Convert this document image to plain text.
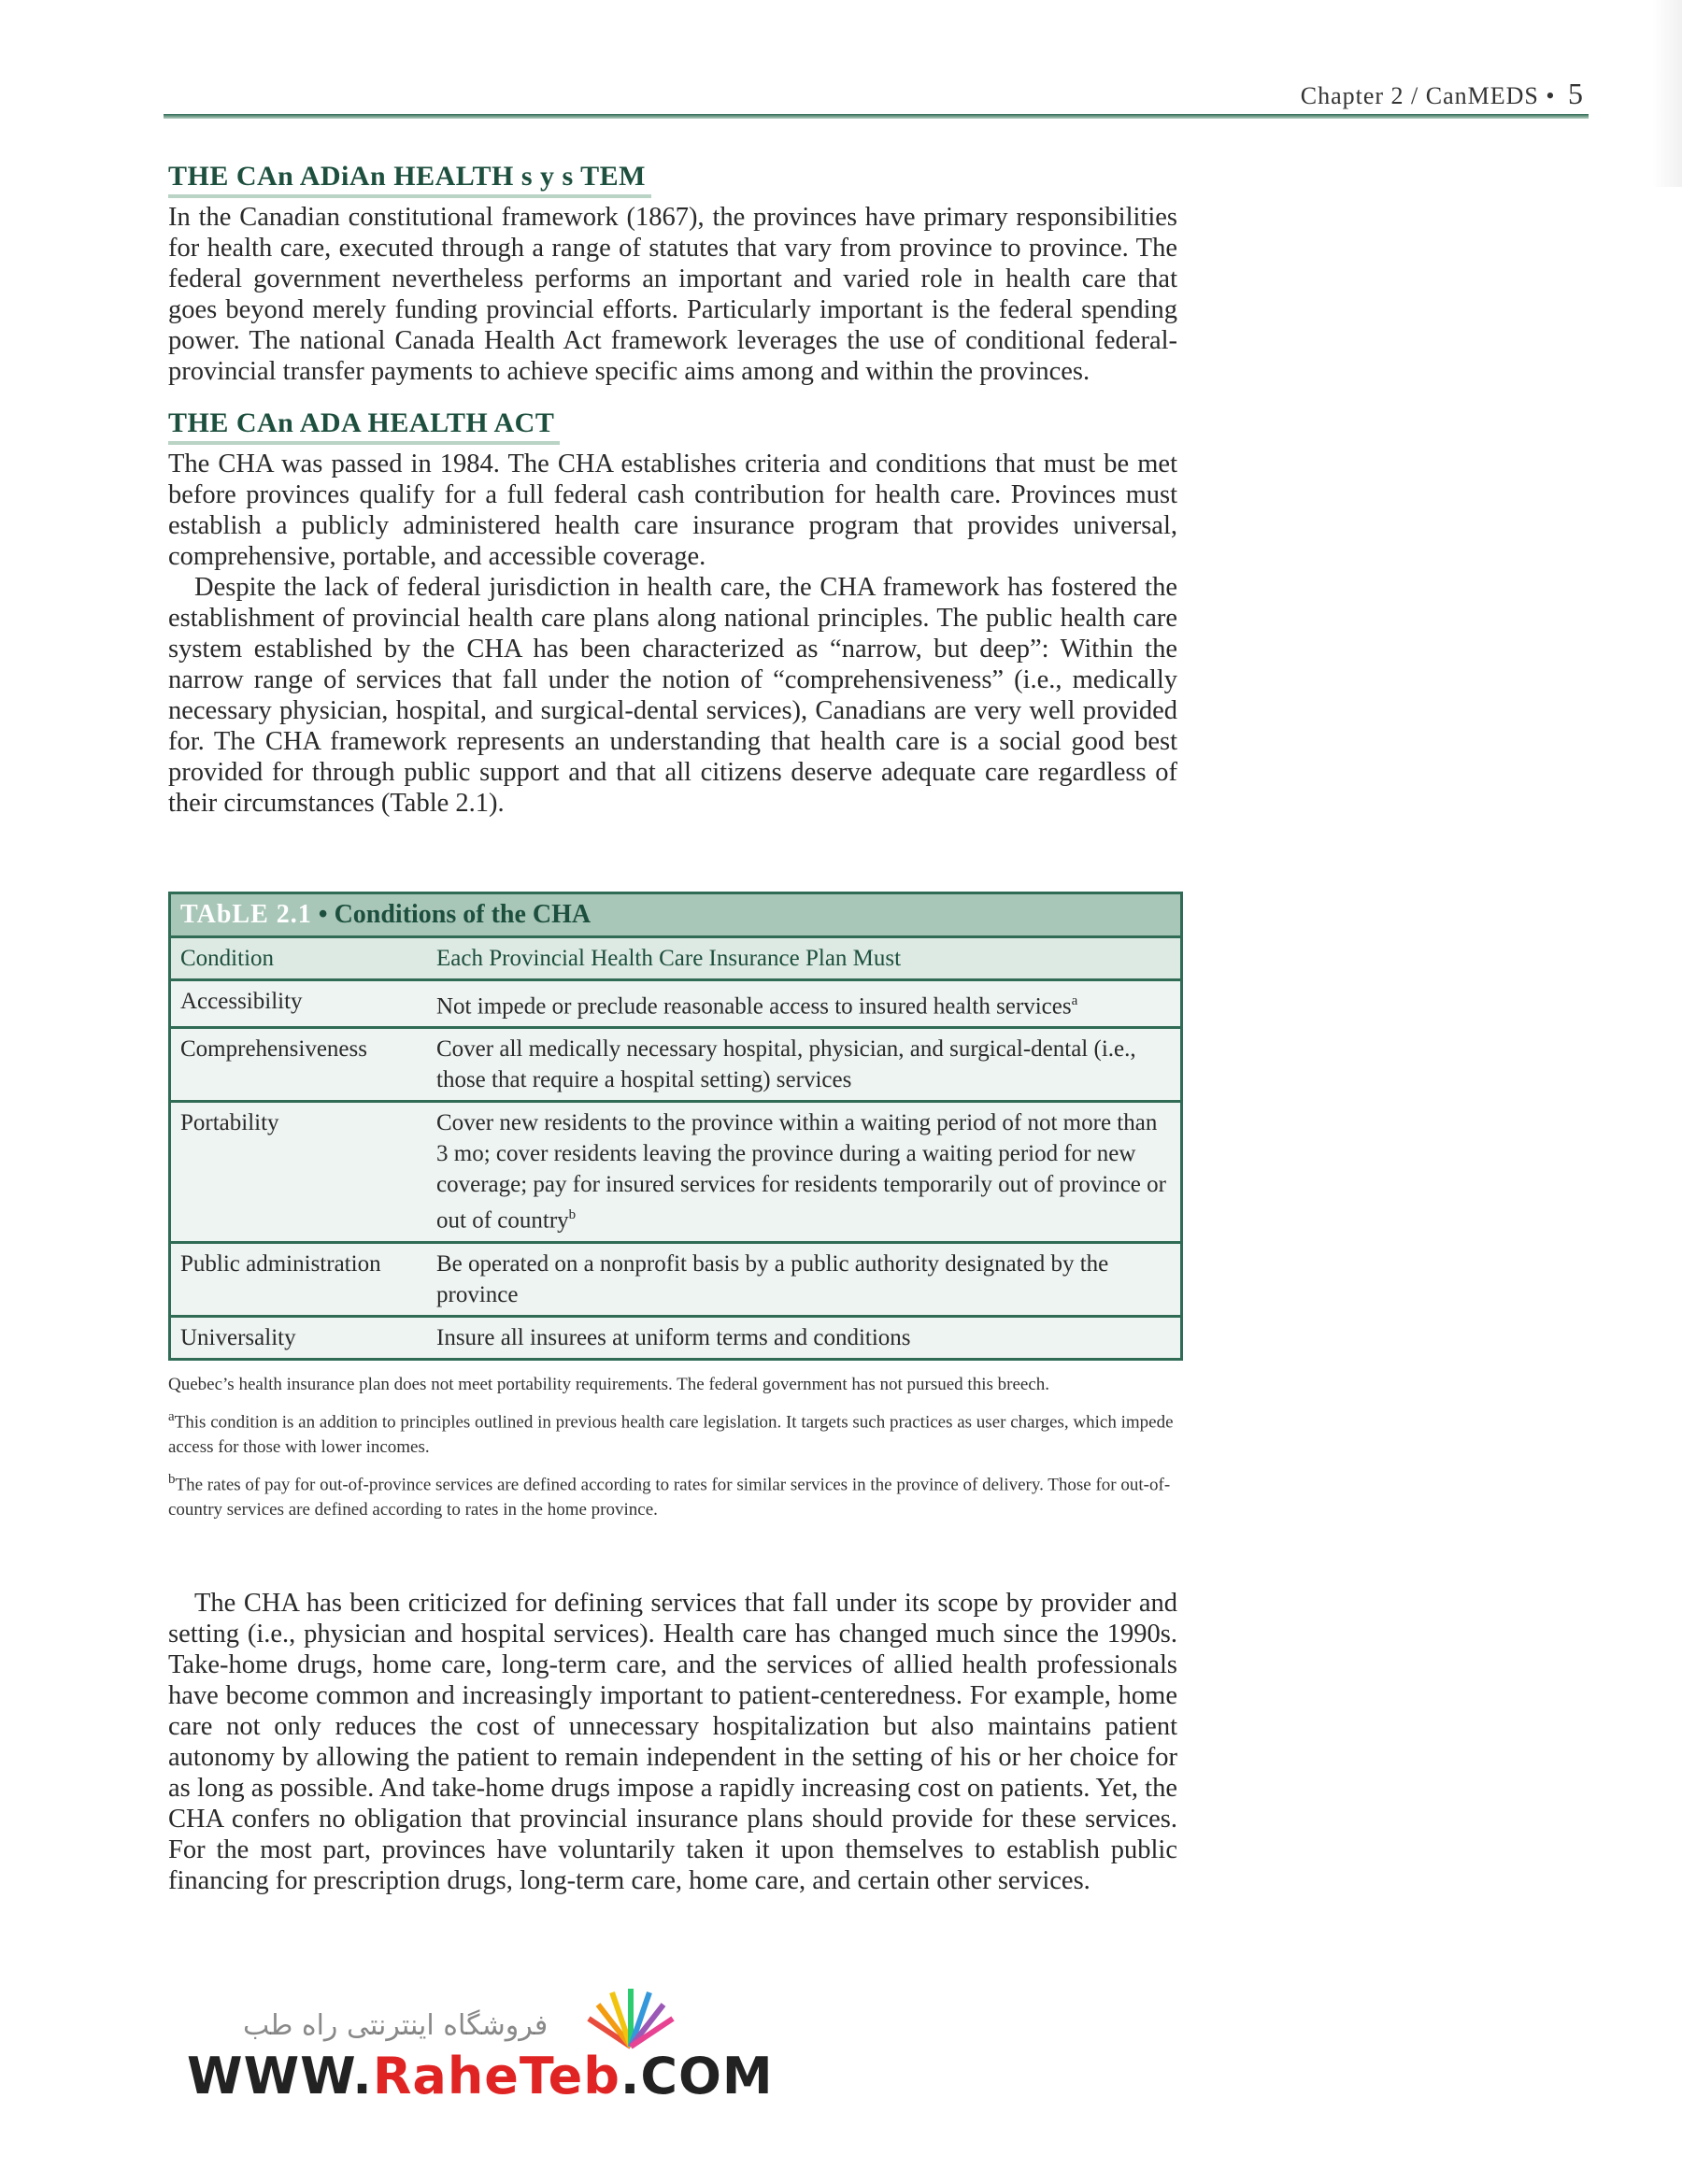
Chapter 2 / CanMEDS • 5
THE CAn ADiAn HEALTH s y s TEM

In the Canadian constitutional framework (1867), the provinces have primary responsibilities for health care, executed through a range of statutes that vary from province to province. The federal government nevertheless performs an important and varied role in health care that goes beyond merely funding provincial efforts. Particularly important is the federal spending power. The national Canada Health Act framework leverages the use of conditional federal-provincial transfer payments to achieve specific aims among and within the provinces.

THE CAn ADA HEALTH ACT

The CHA was passed in 1984. The CHA establishes criteria and conditions that must be met before provinces qualify for a full federal cash contribution for health care. Provinces must establish a publicly administered health care insurance program that provides universal, comprehensive, portable, and accessible coverage.

Despite the lack of federal jurisdiction in health care, the CHA framework has fostered the establishment of provincial health care plans along national principles. The public health care system established by the CHA has been characterized as “narrow, but deep”: Within the narrow range of services that fall under the notion of “comprehensiveness” (i.e., medically necessary physician, hospital, and surgical-dental services), Canadians are very well provided for. The CHA framework represents an understanding that health care is a social good best provided for through public support and that all citizens deserve adequate care regardless of their circumstances (Table 2.1).

TAbLE 2.1 • Conditions of the CHA
Condition	Each Provincial Health Care Insurance Plan Must
Accessibility	Not impede or preclude reasonable access to insured health services$^a$
Comprehensiveness	Cover all medically necessary hospital, physician, and surgical-dental (i.e., those that require a hospital setting) services
Portability	Cover new residents to the province within a waiting period of not more than 3 mo; cover residents leaving the province during a waiting period for new coverage; pay for insured services for residents temporarily out of province or out of country$^b$
Public administration	Be operated on a nonprofit basis by a public authority designated by the province
Universality	Insure all insurees at uniform terms and conditions

Quebec’s health insurance plan does not meet portability requirements. The federal government has not pursued this breech.

$^a$This condition is an addition to principles outlined in previous health care legislation. It targets such practices as user charges, which impede access for those with lower incomes.

$^b$The rates of pay for out-of-province services are defined according to rates for similar services in the province of delivery. Those for out-of-country services are defined according to rates in the home province.

The CHA has been criticized for defining services that fall under its scope by provider and setting (i.e., physician and hospital services). Health care has changed much since the 1990s. Take-home drugs, home care, long-term care, and the services of allied health professionals have become common and increasingly important to patient-centeredness. For example, home care not only reduces the cost of unnecessary hospitalization but also maintains patient autonomy by allowing the patient to remain independent in the setting of his or her choice for as long as possible. And take-home drugs impose a rapidly increasing cost on patients. Yet, the CHA confers no obligation that provincial insurance plans should provide for these services. For the most part, provinces have voluntarily taken it upon themselves to establish public financing for prescription drugs, long-term care, home care, and certain other services.

فروشگاه اینترنتی راه طب
WWW.RaheTeb.COM
